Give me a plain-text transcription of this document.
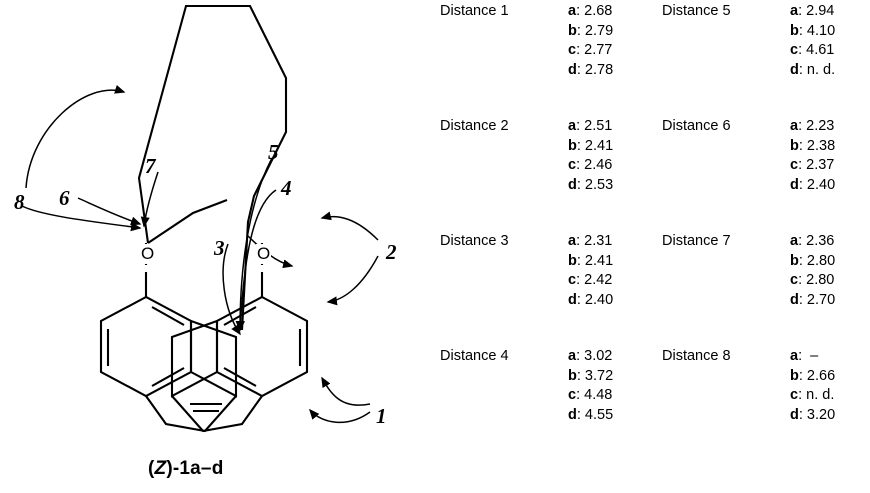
O	O
1
2
3
4
5
6
7
8
(Z)-1a–d
Distance 1	a: 2.68
b: 2.79
c: 2.77
d: 2.78
Distance 5	a: 2.94
b: 4.10
c: 4.61
d: n. d.
Distance 2	a: 2.51
b: 2.41
c: 2.46
d: 2.53
Distance 6	a: 2.23
b: 2.38
c: 2.37
d: 2.40
Distance 3	a: 2.31
b: 2.41
c: 2.42
d: 2.40
Distance 7	a: 2.36
b: 2.80
c: 2.80
d: 2.70
Distance 4	a: 3.02
b: 3.72
c: 4.48
d: 4.55
Distance 8	a:  –
b: 2.66
c: n. d.
d: 3.20
